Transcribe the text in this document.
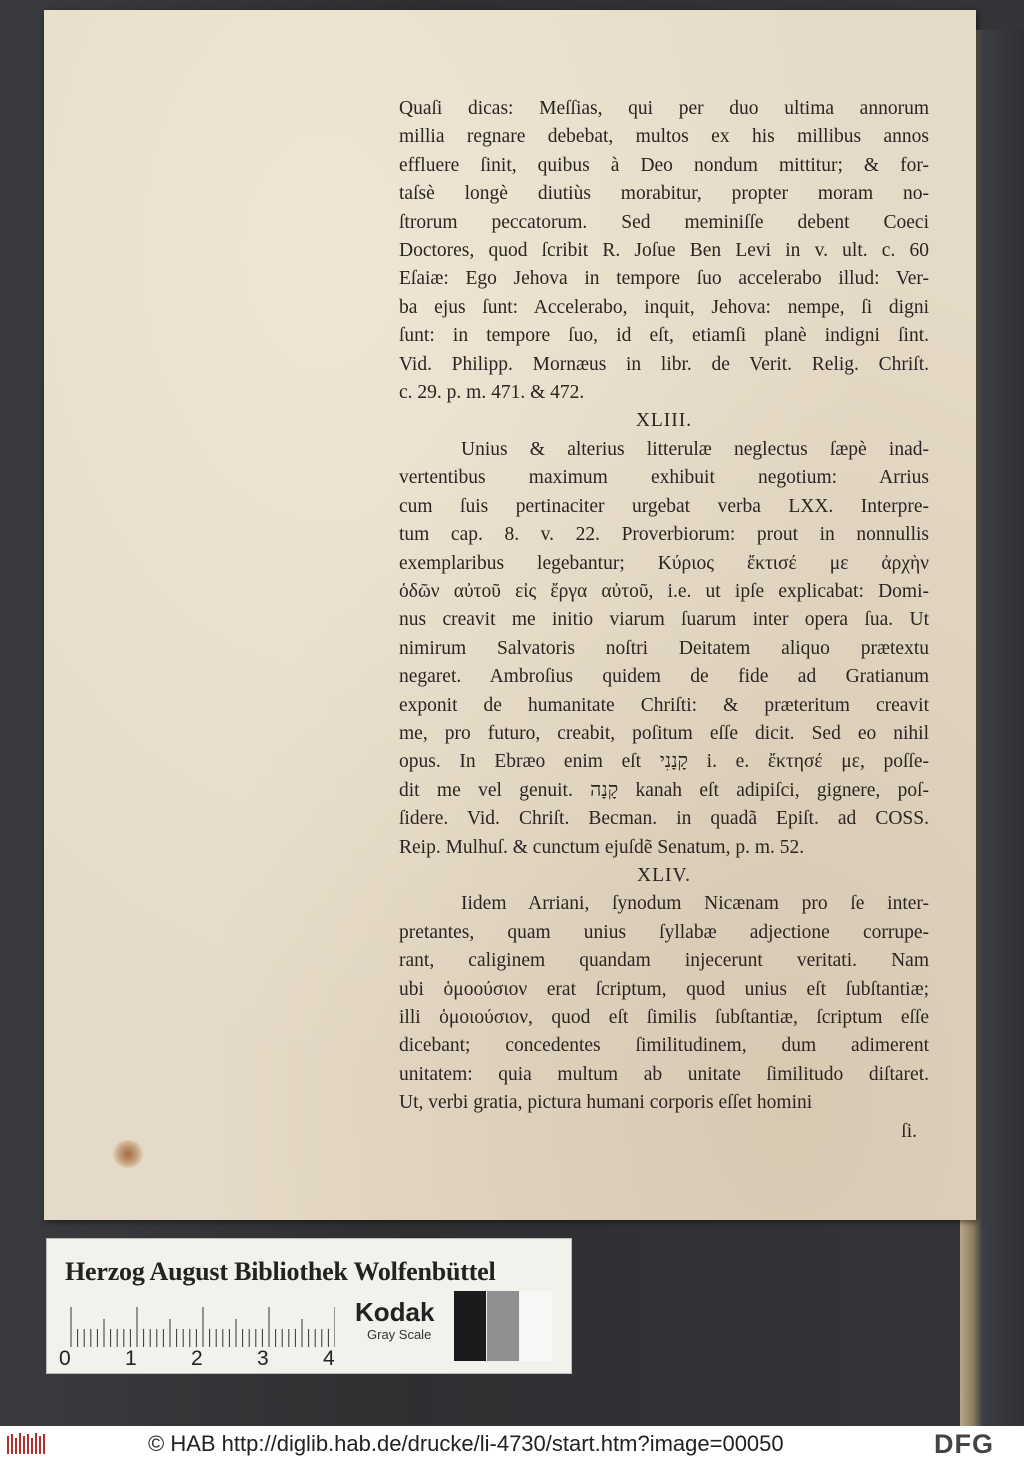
Quaſi dicas: Meſſias, qui per duo ultima annorum
millia regnare debebat, multos ex his millibus annos
effluere ſinit, quibus à Deo nondum mittitur; & for-
taſsè longè diutiùs morabitur, propter moram no-
ſtrorum peccatorum. Sed meminiſſe debent Coeci
Doctores, quod ſcribit R. Joſue Ben Levi in v. ult. c. 60
Eſaiæ: Ego Jehova in tempore ſuo accelerabo illud: Ver-
ba ejus ſunt: Accelerabo, inquit, Jehova: nempe, ſi digni
ſunt: in tempore ſuo, id eſt, etiamſi planè indigni ſint.
Vid. Philipp. Mornæus in libr. de Verit. Relig. Chriſt.
c. 29. p. m. 471. & 472.
XLIII.
Unius & alterius litterulæ neglectus ſæpè inad-
vertentibus maximum exhibuit negotium: Arrius
cum ſuis pertinaciter urgebat verba LXX. Interpre-
tum cap. 8. v. 22. Proverbiorum: prout in nonnullis
exemplaribus legebantur; Κύριος ἔκτισέ με ἀρχὴν
ὁδῶν αὐτοῦ εἰς ἔργα αὐτοῦ, i.e. ut ipſe explicabat: Domi-
nus creavit me initio viarum ſuarum inter opera ſua. Ut
nimirum Salvatoris noſtri Deitatem aliquo prætextu
negaret. Ambroſius quidem de fide ad Gratianum
exponit de humanitate Chriſti: & præteritum creavit
me, pro futuro, creabit, poſitum eſſe dicit. Sed eo nihil
opus. In Ebræo enim eſt קָנָנִי i. e. ἔκτησέ με, poſſe-
dit me vel genuit. קָנָה kanah eſt adipiſci, gignere, poſ-
ſidere. Vid. Chriſt. Becman. in quadã Epiſt. ad COSS.
Reip. Mulhuſ. & cunctum ejuſdẽ Senatum, p. m. 52.
XLIV.
Iidem Arriani, ſynodum Nicænam pro ſe inter-
pretantes, quam unius ſyllabæ adjectione corrupe-
rant, caliginem quandam injecerunt veritati. Nam
ubi ὁμοούσιον erat ſcriptum, quod unius eſt ſubſtantiæ;
illi ὁμοιούσιον, quod eſt ſimilis ſubſtantiæ, ſcriptum eſſe
dicebant; concedentes ſimilitudinem, dum adimerent
unitatem: quia multum ab unitate ſimilitudo diſtaret.
Ut, verbi gratia, pictura humani corporis eſſet homini
ſi.
Herzog August Bibliothek Wolfenbüttel
0	1	2	3	4
Kodak
Gray Scale
© HAB http://diglib.hab.de/drucke/li-4730/start.htm?image=00050	DFG
